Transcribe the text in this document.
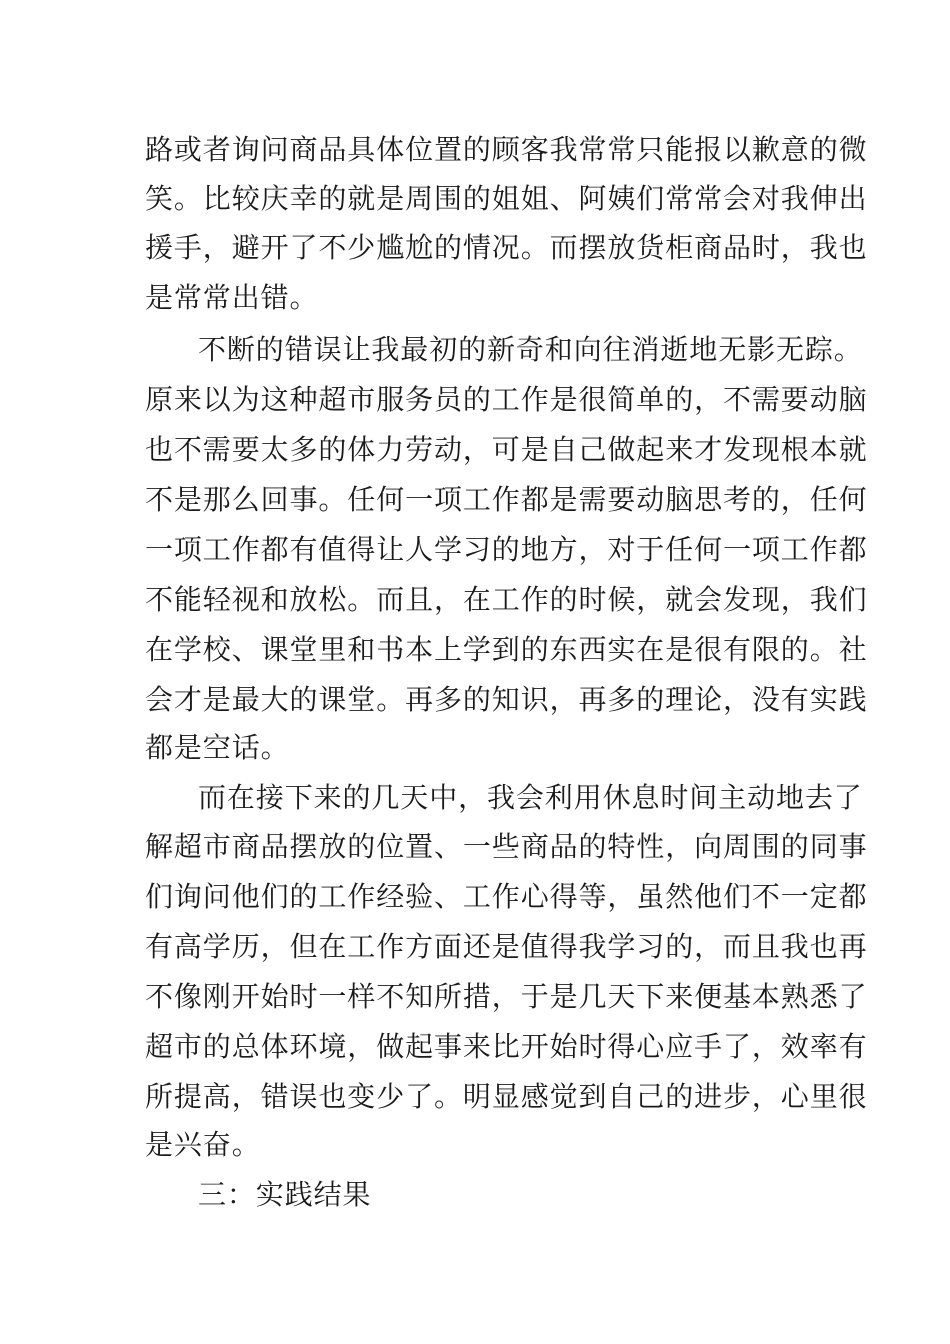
路或者询问商品具体位置的顾客我常常只能报以歉意的微
笑。比较庆幸的就是周围的姐姐、阿姨们常常会对我伸出
援手，避开了不少尴尬的情况。而摆放货柜商品时，我也
是常常出错。
不断的错误让我最初的新奇和向往消逝地无影无踪。
原来以为这种超市服务员的工作是很简单的，不需要动脑
也不需要太多的体力劳动，可是自己做起来才发现根本就
不是那么回事。任何一项工作都是需要动脑思考的，任何
一项工作都有值得让人学习的地方，对于任何一项工作都
不能轻视和放松。而且，在工作的时候，就会发现，我们
在学校、课堂里和书本上学到的东西实在是很有限的。社
会才是最大的课堂。再多的知识，再多的理论，没有实践
都是空话。
而在接下来的几天中，我会利用休息时间主动地去了
解超市商品摆放的位置、一些商品的特性，向周围的同事
们询问他们的工作经验、工作心得等，虽然他们不一定都
有高学历，但在工作方面还是值得我学习的，而且我也再
不像刚开始时一样不知所措，于是几天下来便基本熟悉了
超市的总体环境，做起事来比开始时得心应手了，效率有
所提高，错误也变少了。明显感觉到自己的进步，心里很
是兴奋。
三：实践结果
